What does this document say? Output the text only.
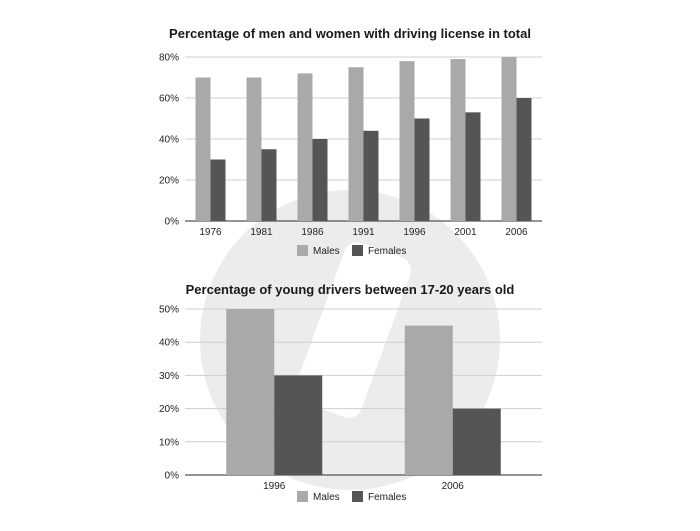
Percentage of men and women with driving license in total
0%
20%
40%
60%
80%
1976	1981	1986	1991	1996	2001	2006
Males	Females
Percentage of young drivers between 17-20 years old
0%
10%
20%
30%
40%
50%
1996	2006
Males	Females
